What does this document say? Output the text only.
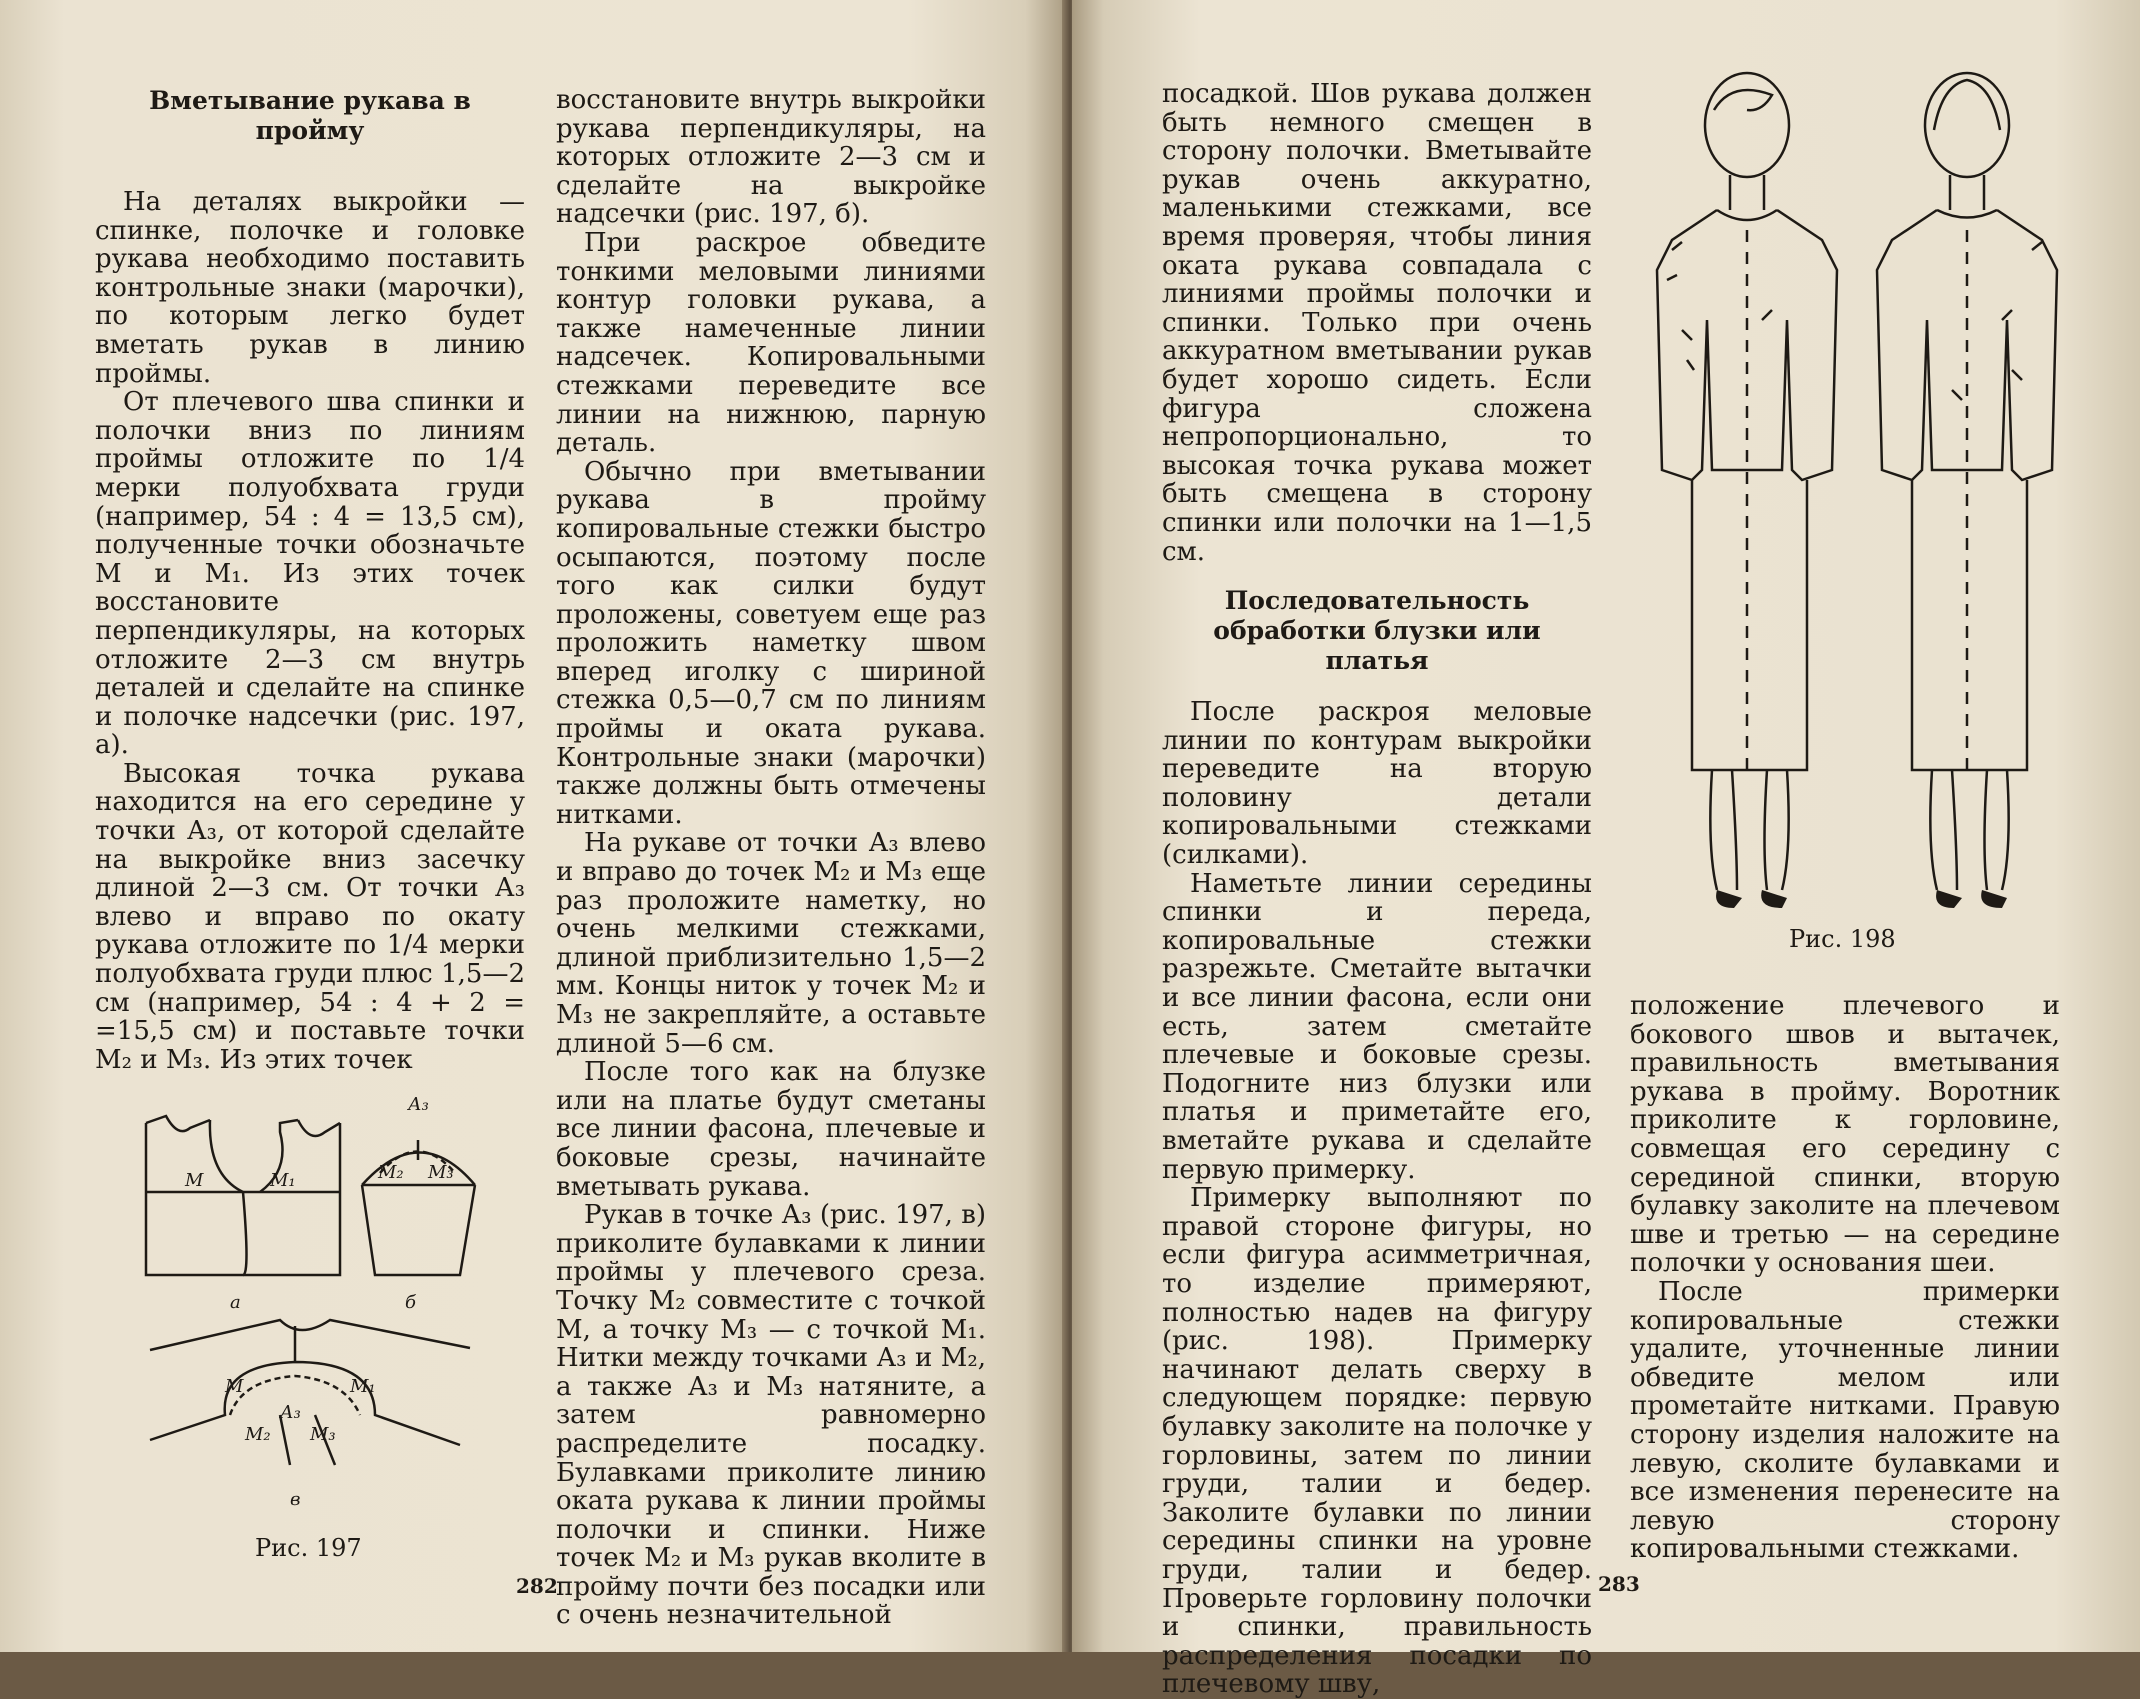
Вметывание рукава в пройму

На деталях выкройки — спинке, полочке и головке рукава необходимо поставить контрольные знаки (марочки), по которым легко будет вметать рукав в линию проймы.

От плечевого шва спинки и полочки вниз по линиям проймы отложите по 1/4 мерки полуобхвата груди (например, 54 : 4 = 13,5 см), полученные точки обозначьте М и М₁. Из этих точек восстановите перпендикуляры, на которых отложите 2—3 см внутрь деталей и сделайте на спинке и полочке надсечки (рис. 197, а).

Высокая точка рукава находится на его середине у точки А₃, от которой сделайте на выкройке вниз засечку длиной 2—3 см. От точки А₃ влево и вправо по окату рукава отложите по 1/4 мерки полуобхвата груди плюс 1,5—2 см (например, 54 : 4 + 2 = =15,5 см) и поставьте точки М₂ и М₃. Из этих точек

восстановите внутрь выкройки рукава перпендикуляры, на которых отложите 2—3 см и сделайте на выкройке надсечки (рис. 197, б).

При раскрое обведите тонкими меловыми линиями контур головки рукава, а также намеченные линии надсечек. Копировальными стежками переведите все линии на нижнюю, парную деталь.

Обычно при вметывании рукава в пройму копировальные стежки быстро осыпаются, поэтому после того как силки будут проложены, советуем еще раз проложить наметку швом вперед иголку с шириной стежка 0,5—0,7 см по линиям проймы и оката рукава. Контрольные знаки (марочки) также должны быть отмечены нитками.

На рукаве от точки А₃ влево и вправо до точек М₂ и М₃ еще раз проложите наметку, но очень мелкими стежками, длиной приблизительно 1,5—2 мм. Концы ниток у точек М₂ и М₃ не закрепляйте, а оставьте длиной 5—6 см.

После того как на блузке или на платье будут сметаны все линии фасона, плечевые и боковые срезы, начинайте вметывать рукава.

Рукав в точке А₃ (рис. 197, в) приколите булавками к линии проймы у плечевого среза. Точку М₂ совместите с точкой М, а точку М₃ — с точкой М₁. Нитки между точками А₃ и М₂, а также А₃ и М₃ натяните, а затем равномерно распределите посадку. Булавками приколите линию оката рукава к линии проймы полочки и спинки. Ниже точек М₂ и М₃ рукав вколите в пройму почти без посадки или с очень незначительной

М	М₁
А₃
М₂ М₃
а	б
М	М₁
А₃
М₂ М₃
в
Рис. 197
282

посадкой. Шов рукава должен быть немного смещен в сторону полочки. Вметывайте рукав очень аккуратно, маленькими стежками, все время проверяя, чтобы линия оката рукава совпадала с линиями проймы полочки и спинки. Только при очень аккуратном вметывании рукав будет хорошо сидеть. Если фигура сложена непропорционально, то высокая точка рукава может быть смещена в сторону спинки или полочки на 1—1,5 см.

Последовательность обработки блузки или платья

После раскроя меловые линии по контурам выкройки переведите на вторую половину детали копировальными стежками (силками).

Наметьте линии середины спинки и переда, копировальные стежки разрежьте. Сметайте вытачки и все линии фасона, если они есть, затем сметайте плечевые и боковые срезы. Подогните низ блузки или платья и приметайте его, вметайте рукава и сделайте первую примерку.

Примерку выполняют по правой стороне фигуры, но если фигура асимметричная, то изделие примеряют, полностью надев на фигуру (рис. 198). Примерку начинают делать сверху в следующем порядке: первую булавку заколите на полочке у горловины, затем по линии груди, талии и бедер. Заколите булавки по линии середины спинки на уровне груди, талии и бедер. Проверьте горловину полочки и спинки, правильность распределения посадки по плечевому шву,

Рис. 198

положение плечевого и бокового швов и вытачек, правильность вметывания рукава в пройму. Воротник приколите к горловине, совмещая его середину с серединой спинки, вторую булавку заколите на плечевом шве и третью — на середине полочки у основания шеи.

После примерки копировальные стежки удалите, уточненные линии обведите мелом или прометайте нитками. Правую сторону изделия наложите на левую, сколите булавками и все изменения перенесите на левую сторону копировальными стежками.

283
